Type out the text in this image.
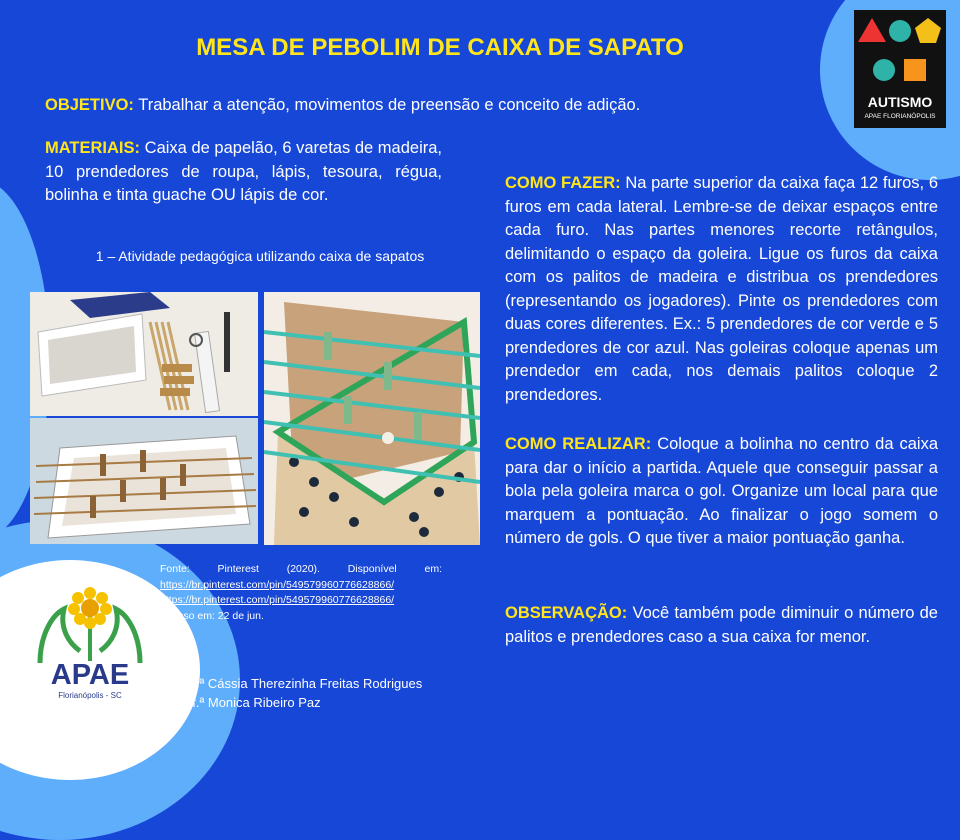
AUTISMO
APAE FLORIANÓPOLIS
MESA DE PEBOLIM DE CAIXA DE SAPATO
OBJETIVO: Trabalhar a atenção, movimentos de preensão e conceito de adição.
MATERIAIS: Caixa de papelão, 6 varetas de madeira, 10 prendedores de roupa, lápis, tesoura, régua, bolinha e tinta guache OU lápis de cor.
1 – Atividade pedagógica utilizando caixa de sapatos
Fonte: Pinterest (2020). Disponível em:
https://br.pinterest.com/pin/549579960776628866/
https://br.pinterest.com/pin/549579960776628866/
Acesso em: 22 de jun.
COMO FAZER: Na parte superior da caixa faça 12 furos, 6 furos em cada lateral. Lembre-se de deixar espaços entre cada furo. Nas partes menores recorte retângulos, delimitando o espaço da goleira. Ligue os furos da caixa com os palitos de madeira e distribua os prendedores (representando os jogadores). Pinte os prendedores com duas cores diferentes. Ex.: 5 prendedores de cor verde e 5 prendedores de cor azul. Nas goleiras coloque apenas um prendedor em cada, nos demais palitos coloque 2 prendedores.
COMO REALIZAR: Coloque a bolinha no centro da caixa para dar o início a partida. Aquele que conseguir passar a bola pela goleira marca o gol. Organize um local para que marquem a pontuação. Ao finalizar o jogo somem o número de gols. O que tiver a maior pontuação ganha.
OBSERVAÇÃO: Você também pode diminuir o número de palitos e prendedores caso a sua caixa for menor.
APAE
Florianópolis - SC
Prof.ª Cássia Therezinha Freitas Rodrigues
Prof.ª Monica Ribeiro Paz
